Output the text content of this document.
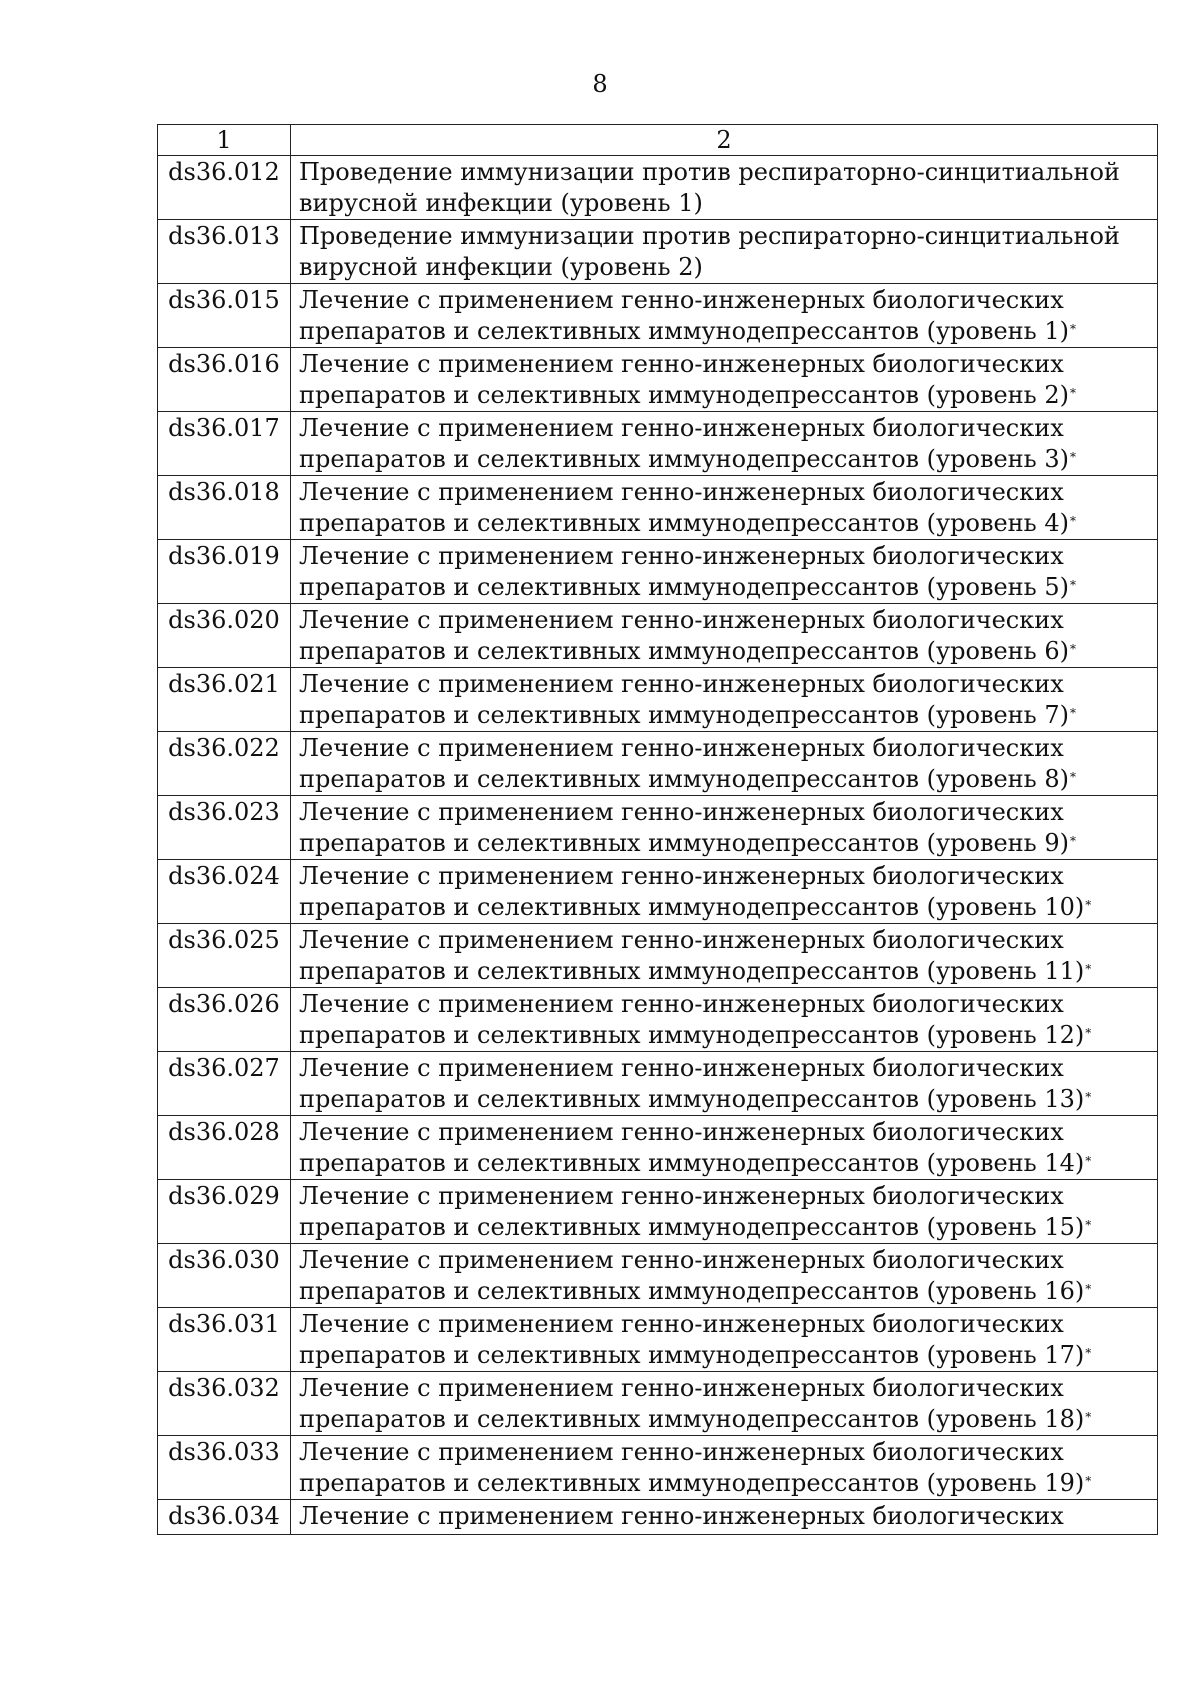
8
1	2
ds36.012	Проведение иммунизации против респираторно-синцитиальной вирусной инфекции (уровень 1)
ds36.013	Проведение иммунизации против респираторно-синцитиальной вирусной инфекции (уровень 2)
ds36.015	Лечение с применением генно-инженерных биологических препаратов и селективных иммунодепрессантов (уровень 1)*
ds36.016	Лечение с применением генно-инженерных биологических препаратов и селективных иммунодепрессантов (уровень 2)*
ds36.017	Лечение с применением генно-инженерных биологических препаратов и селективных иммунодепрессантов (уровень 3)*
ds36.018	Лечение с применением генно-инженерных биологических препаратов и селективных иммунодепрессантов (уровень 4)*
ds36.019	Лечение с применением генно-инженерных биологических препаратов и селективных иммунодепрессантов (уровень 5)*
ds36.020	Лечение с применением генно-инженерных биологических препаратов и селективных иммунодепрессантов (уровень 6)*
ds36.021	Лечение с применением генно-инженерных биологических препаратов и селективных иммунодепрессантов (уровень 7)*
ds36.022	Лечение с применением генно-инженерных биологических препаратов и селективных иммунодепрессантов (уровень 8)*
ds36.023	Лечение с применением генно-инженерных биологических препаратов и селективных иммунодепрессантов (уровень 9)*
ds36.024	Лечение с применением генно-инженерных биологических препаратов и селективных иммунодепрессантов (уровень 10)*
ds36.025	Лечение с применением генно-инженерных биологических препаратов и селективных иммунодепрессантов (уровень 11)*
ds36.026	Лечение с применением генно-инженерных биологических препаратов и селективных иммунодепрессантов (уровень 12)*
ds36.027	Лечение с применением генно-инженерных биологических препаратов и селективных иммунодепрессантов (уровень 13)*
ds36.028	Лечение с применением генно-инженерных биологических препаратов и селективных иммунодепрессантов (уровень 14)*
ds36.029	Лечение с применением генно-инженерных биологических препаратов и селективных иммунодепрессантов (уровень 15)*
ds36.030	Лечение с применением генно-инженерных биологических препаратов и селективных иммунодепрессантов (уровень 16)*
ds36.031	Лечение с применением генно-инженерных биологических препаратов и селективных иммунодепрессантов (уровень 17)*
ds36.032	Лечение с применением генно-инженерных биологических препаратов и селективных иммунодепрессантов (уровень 18)*
ds36.033	Лечение с применением генно-инженерных биологических препаратов и селективных иммунодепрессантов (уровень 19)*
ds36.034	Лечение с применением генно-инженерных биологических
